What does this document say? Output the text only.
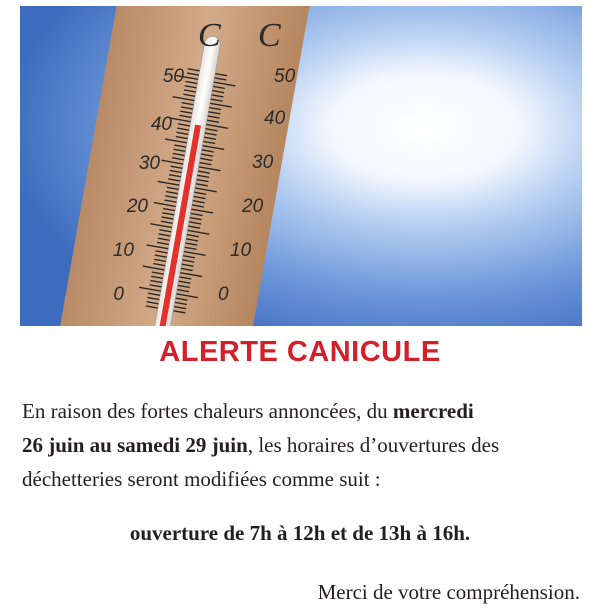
C C
50
40
30
20
10
0
50
40
30
20
10
0
ALERTE CANICULE
En raison des fortes chaleurs annoncées, du mercredi
26 juin au samedi 29 juin, les horaires d’ouvertures des
déchetteries seront modifiées comme suit :
ouverture de 7h à 12h et de 13h à 16h.
Merci de votre compréhension.
